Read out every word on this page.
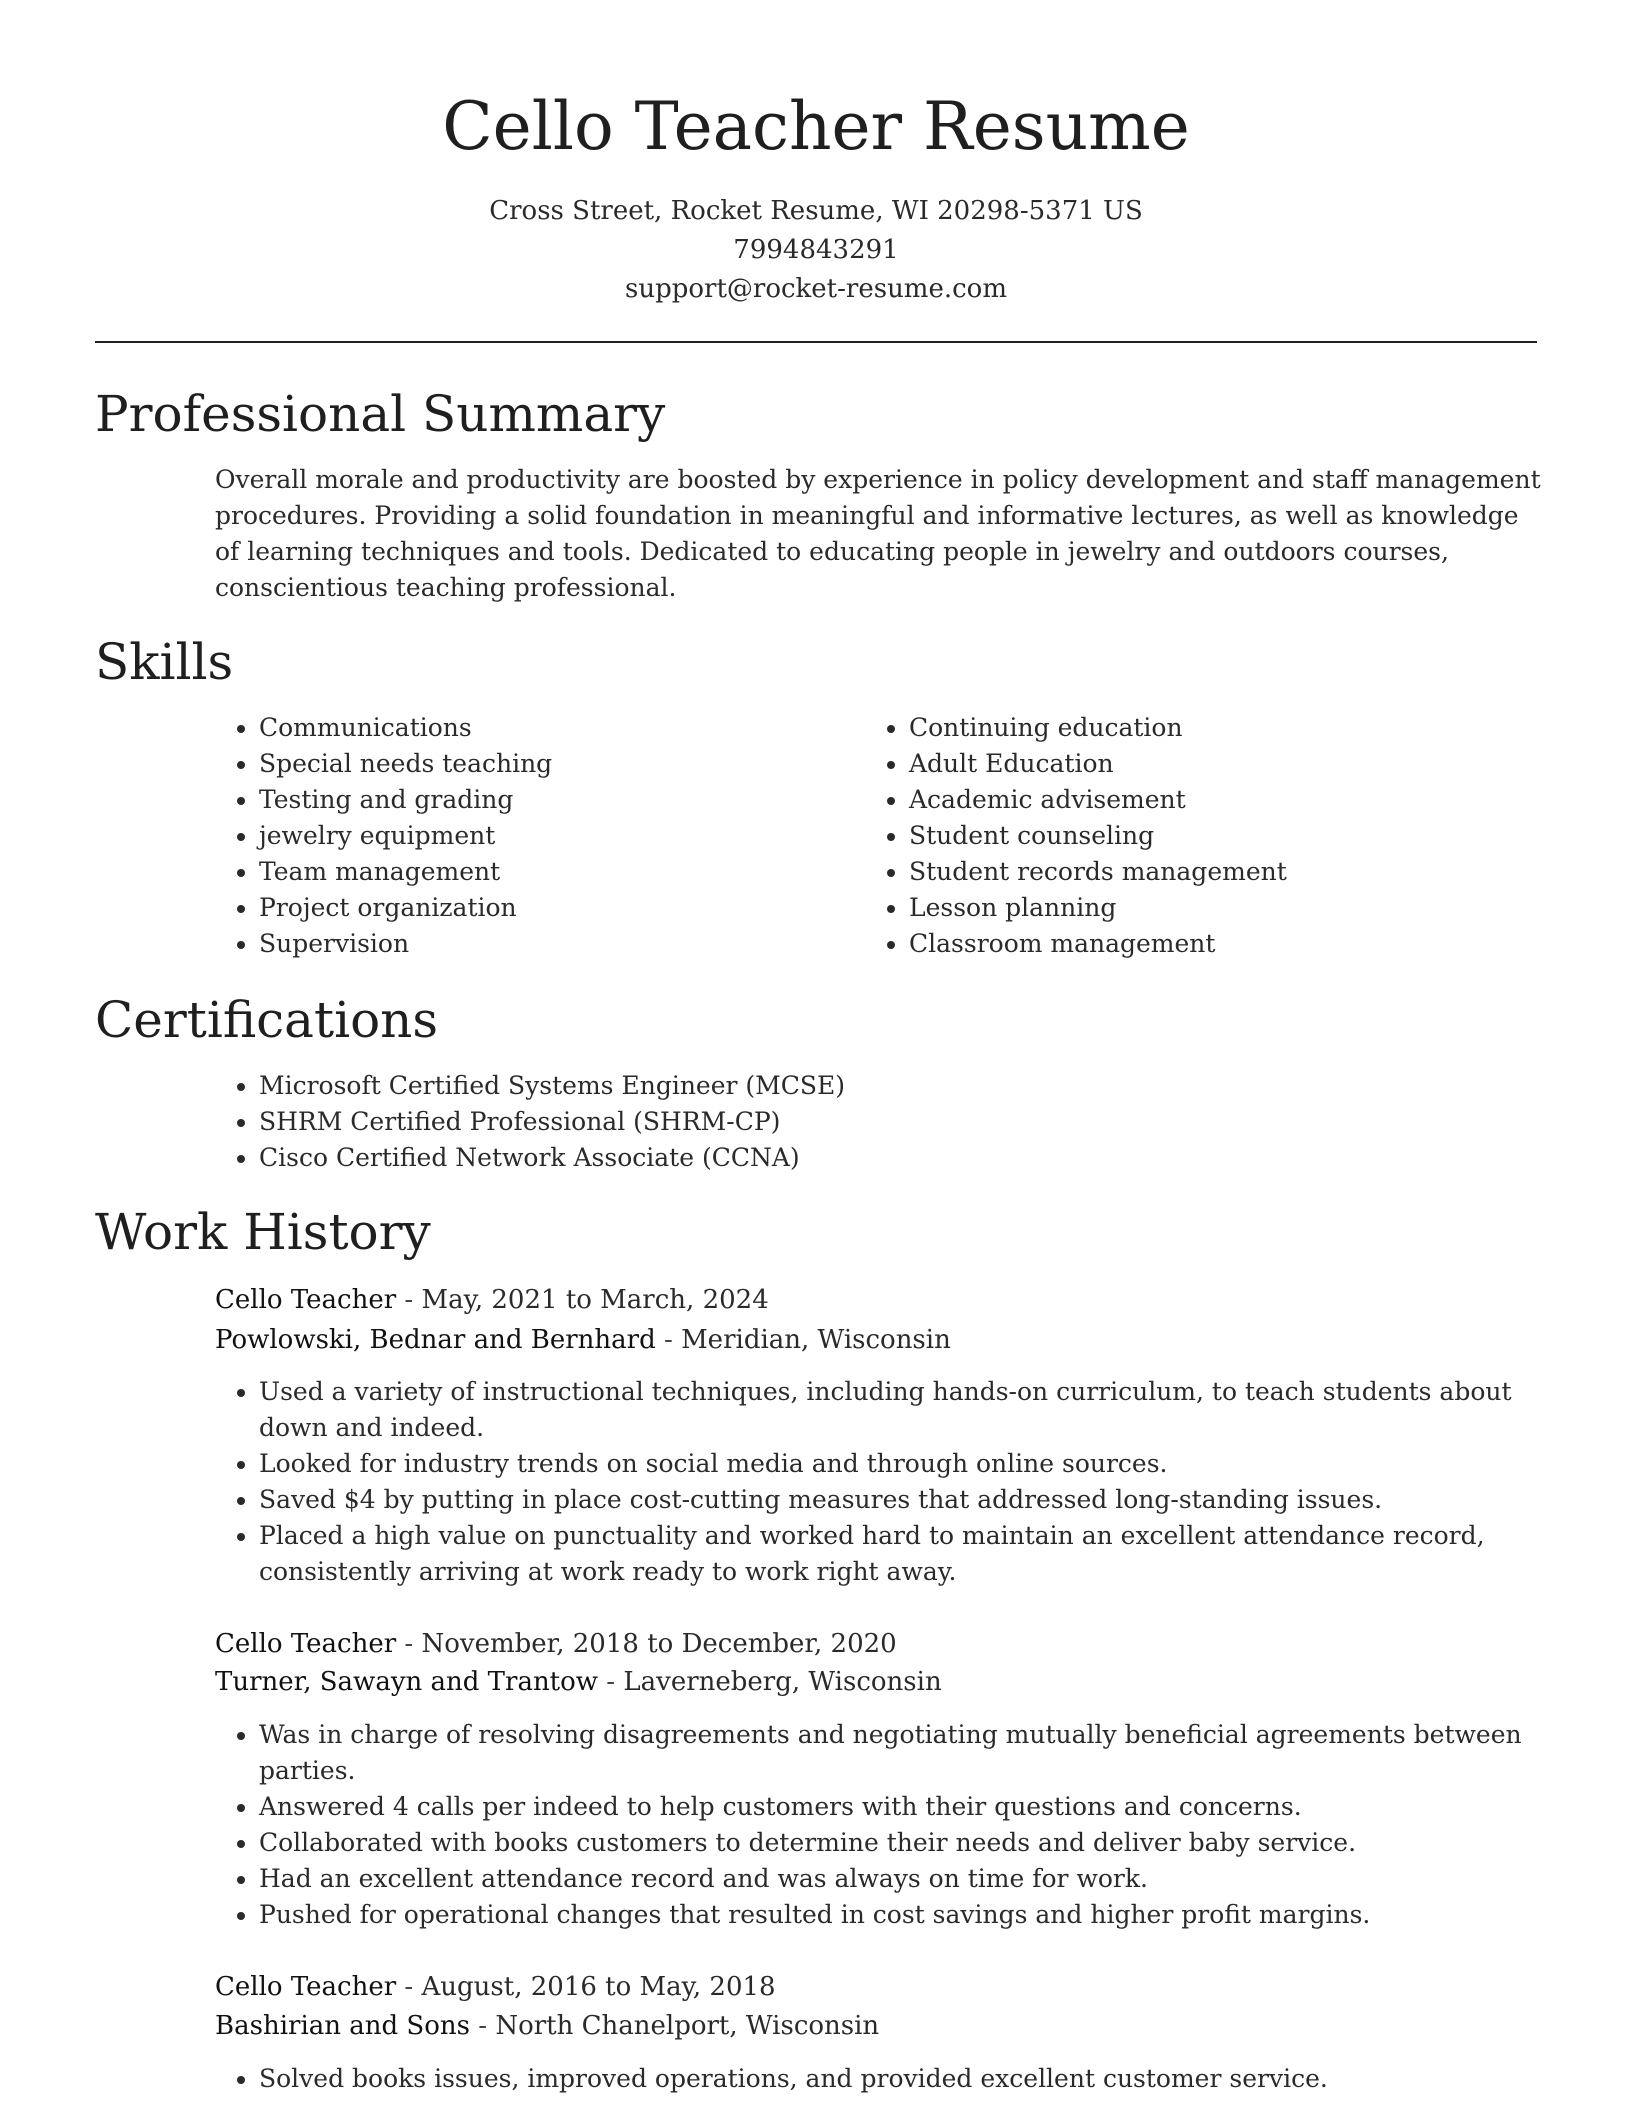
Cello Teacher Resume
Cross Street, Rocket Resume, WI 20298-5371 US
7994843291
support@rocket-resume.com
Professional Summary

Overall morale and productivity are boosted by experience in policy development and staff management procedures. Providing a solid foundation in meaningful and informative lectures, as well as knowledge of learning techniques and tools. Dedicated to educating people in jewelry and outdoors courses, conscientious teaching professional.

Skills
• Communications
• Special needs teaching
• Testing and grading
• jewelry equipment
• Team management
• Project organization
• Supervision
• Continuing education
• Adult Education
• Academic advisement
• Student counseling
• Student records management
• Lesson planning
• Classroom management
Certifications
• Microsoft Certified Systems Engineer (MCSE)
• SHRM Certified Professional (SHRM-CP)
• Cisco Certified Network Associate (CCNA)
Work History
Cello Teacher - May, 2021 to March, 2024
Powlowski, Bednar and Bernhard - Meridian, Wisconsin
• Used a variety of instructional techniques, including hands-on curriculum, to teach students about down and indeed.
• Looked for industry trends on social media and through online sources.
• Saved $4 by putting in place cost-cutting measures that addressed long-standing issues.
• Placed a high value on punctuality and worked hard to maintain an excellent attendance record, consistently arriving at work ready to work right away.
Cello Teacher - November, 2018 to December, 2020
Turner, Sawayn and Trantow - Laverneberg, Wisconsin
• Was in charge of resolving disagreements and negotiating mutually beneficial agreements between parties.
• Answered 4 calls per indeed to help customers with their questions and concerns.
• Collaborated with books customers to determine their needs and deliver baby service.
• Had an excellent attendance record and was always on time for work.
• Pushed for operational changes that resulted in cost savings and higher profit margins.
Cello Teacher - August, 2016 to May, 2018
Bashirian and Sons - North Chanelport, Wisconsin
• Solved books issues, improved operations, and provided excellent customer service.
